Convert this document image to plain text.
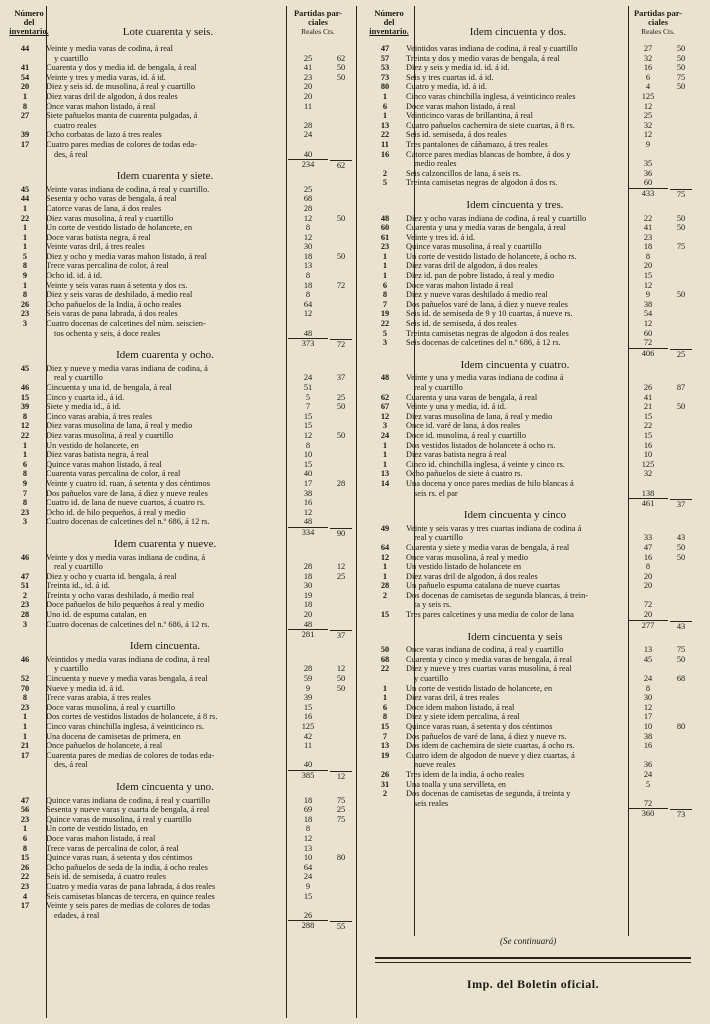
Número
del
inventario.	Lote cuarenta y seis.
Partidas par-
ciales
Reales Cts.
Número
del
inventario.	Idem cincuenta y dos.
Partidas par-
ciales
Reales Cts.
44	Veinte y media varas de codina, á real
y cuartillo	25	62
41	Cuarenta y dos y media id. de bengala, á real	41	50
54	Veinte y tres y media varas, id. á id.	23	50
20	Diez y seis id. de musolina, á real y cuartillo	20
1	Diez varas dril de algodon, á dos reales	20
8	Once varas mahon listado, á real	11
27	Siete pañuelos manta de cuarenta pulgadas, á
cuatro reales	28
39	Ocho corbatas de lazo á tres reales	24
17	Cuatro pares medias de colores de todas eda-
des, á real	40
234	62
Idem cuarenta y siete.
45	Veinte varas indiana de codina, á real y cuartillo.	25
44	Sesenta y ocho varas de bengala, á real	68
1	Catorce varas de lana, á dos reales	28
22	Diez varas musolina, á real y cuartillo	12	50
1	Un corte de vestido listado de holancete, en	8
1	Doce varas batista negra, á real	12
1	Veinte varas dril, á tres reales	30
5	Diez y ocho y media varas mahon listado, á real	18	50
8	Trece varas percalina de color, á real	13
9	Ocho id. id. á id.	8
1	Veinte y seis varas ruan á setenta y dos cs.	18	72
8	Diez y seis varas de deshilado, á medio real	8
26	Ocho pañuelos de la India, á ocho reales	64
23	Seis varas de pana labrada, á dos reales	12
3	Cuatro docenas de calcetines del núm. seiscien-
tos ochenta y seis, á doce reales	48
373	72
Idem cuarenta y ocho.
45	Diez y nueve y media varas indiana de codina, á
real y cuartillo	24	37
46	Cincuenta y una id. de bengala, á real	51
15	Cinco y cuarta id., á id.	5	25
39	Siete y media id., á id.	7	50
8	Cinco varas arabia, á tres reales	15
12	Diez varas musolina de lana, á real y medio	15
22	Diez varas musolina, á real y cuartillo	12	50
1	Un vestido de holancete, en	8
1	Diez varas batista negra, á real	10
6	Quince varas mahon listado, á real	15
8	Cuarenta varas percalina de color, á real	40
9	Veinte y cuatro id. ruan, á setenta y dos céntimos	17	28
7	Dos pañuelos vare de lana, á diez y nueve reales	38
8	Cuatro id. de lana de nueve cuartos, á cuatro rs.	16
23	Ocho id. de hilo pequeños, á real y medio	12
3	Cuatro docenas de calcetines del n.º 686, á 12 rs.	48
334	90
Idem cuarenta y nueve.
46	Veinte y dos y media varas indiana de codina, á
real y cuartillo	28	12
47	Diez y ocho y cuarta id. bengala, á real	18	25
51	Treinta id., id. á id.	30
2	Treinta y ocho varas deshilado, á medio real	19
23	Doce pañuelos de hilo pequeños á real y medio	18
28	Uno id. de espuma catalan, en	20
3	Cuatro docenas de calcetines del n.º 686, á 12 rs.	48
281	37
Idem cincuenta.
46	Veintidos y media varas indiana de codina, á real
y cuartillo	28	12
52	Cincuenta y nueve y media varas bengala, á real	59	50
70	Nueve y media id. á id.	9	50
8	Trece varas arabia, á tres reales	39
23	Doce varas musolina, á real y cuartillo	15
1	Dos cortes de vestidos listados de holancete, á 8 rs.	16
1	Cinco varas chinchilla inglesa, á veinticinco rs.	125
1	Una docena de camisetas de primera, en	42
21	Once pañuelos de holancete, á real	11
17	Cuarenta pares de medias de colores de todas eda-
des, á real	40
385	12
Idem cincuenta y uno.
47	Quince varas indiana de codina, á real y cuartillo	18	75
56	Sesenta y nueve varas y cuarta de bengala, á real	69	25
23	Quince varas de musolina, á real y cuartillo	18	75
1	Un corte de vestido listado, en	8
6	Doce varas mahon listado, á real	12
8	Trece varas de percalina de color, á real	13
15	Quince varas ruan, á setenta y dos céntimos	10	80
26	Ocho pañuelos de seda de la india, á ocho reales	64
22	Seis id. de semiseda, á cuatro reales	24
23	Cuatro y media varas de pana labrada, á dos reales	9
4	Seis camisetas blancas de tercera, en quince reales	15
17	Veinte y seis pares de medias de colores de todas
edades, á real	26
288	55
47	Veintidos varas indiana de codina, á real y cuartillo	27	50
57	Treinta y dos y medio varas de bengala, á real	32	50
53	Diez y seis y media id. id. á id.	16	50
73	Seis y tres cuartas id. á id.	6	75
80	Cuatro y media, id. á id.	4	50
1	Cinco varas chinchilla inglesa, á veinticinco reales	125
6	Doce varas mahon listado, á real	12
1	Veinticinco varas de brillantina, á real	25
13	Cuatro pañuelos cachemira de siete cuartas, á 8 rs.	32
22	Seis id. semiseda, á dos reales	12
11	Tres pantalones de cáñamazo, á tres reales	9
16	Catorce pares medias blancas de hombre, á dos y
medio reales	35
2	Seis calzoncillos de lana, á seis rs.	36
5	Treinta camisetas negras de algodon á dos rs.	60
433	75
Idem cincuenta y tres.
48	Diez y ocho varas indiana de codina, á real y cuartillo	22	50
60	Cuarenta y una y media varas de bengala, á real	41	50
61	Veinte y tres id. á id.	23
23	Quince varas musolina, á real y cuartillo	18	75
1	Un corte de vestido listado de holancete, á ocho rs.	8
1	Diez varas dril de algodon, á dos reales	20
1	Diez id. pan de pobre listado, á real y medio	15
6	Doce varas mahon listado á real	12
8	Diez y nueve varas deshilado á medio real	9	50
7	Dos pañuelos varé de lana, á diez y nueve reales	38
19	Seis id. de semiseda de 9 y 10 cuartas, á nueve rs.	54
22	Seis id. de semiseda, á dos reales	12
5	Treinta camisetas negras de algodon á dos reales	60
3	Seis docenas de calcetines del n.º 686, á 12 rs.	72
406	25
Idem cincuenta y cuatro.
48	Veinte y una y media varas indiana de codina á
real y cuartillo	26	87
62	Cuarenta y una varas de bengala, á real	41
67	Veinte y una y media, id. á id.	21	50
12	Diez varas musolina de lana, á real y medio	15
3	Once id. varé de lana, á dos reales	22
24	Doce id. musolina, á real y cuartillo	15
1	Dos vestidos listados de holancete á ocho rs.	16
1	Diez varas batista negra á real	10
1	Cinco id. chinchilla inglesa, á veinte y cinco rs.	125
13	Ocho pañuelos de siete á cuatro rs.	32
14	Una docena y once pares medias de hilo blancas á
seis rs. el par	138
461	37
Idem cincuenta y cinco
49	Veinte y seis varas y tres cuartas indiana de codina á
real y cuartillo	33	43
64	Cuarenta y siete y media varas de bengala, á real	47	50
12	Once varas musolina, á real y medio	16	50
1	Un vestido listado de holancete en	8
1	Diez varas dril de algodon, á dos reales	20
28	Un pañuelo espuma catalana de nueve cuartas	20
2	Dos docenas de camisetas de segunda blancas, á trein-
ta y seis rs.	72
15	Tres pares calcetines y una media de color de lana	20
277	43
Idem cincuenta y seis
50	Once varas indiana de codina, á real y cuartillo	13	75
68	Cuarenta y cinco y media varas de bengala, á real	45	50
22	Diez y nueve y tres cuartas varas musolina, á real
y cuartillo	24	68
1	Un corte de vestido listado de holancete, en	8
1	Diez varas dril, á tres reales	30
6	Doce idem mahon listado, á real	12
8	Diez y siete idem percalina, á real	17
15	Quince varas ruan, á setenta y dos céntimos	10	80
7	Dos pañuelos de varé de lana, á diez y nueve rs.	38
13	Dos idem de cachemira de siete cuartas, á ocho rs.	16
19	Cuatro idem de algodon de nueve y diez cuartas, á
nueve reales	36
26	Tres idem de la india, á ocho reales	24
31	Una toalla y una servilleta, en	5
2	Dos docenas de camisetas de segunda, á treinta y
seis reales	72
360	73
(Se continuará)
Imp. del Boletin oficial.
